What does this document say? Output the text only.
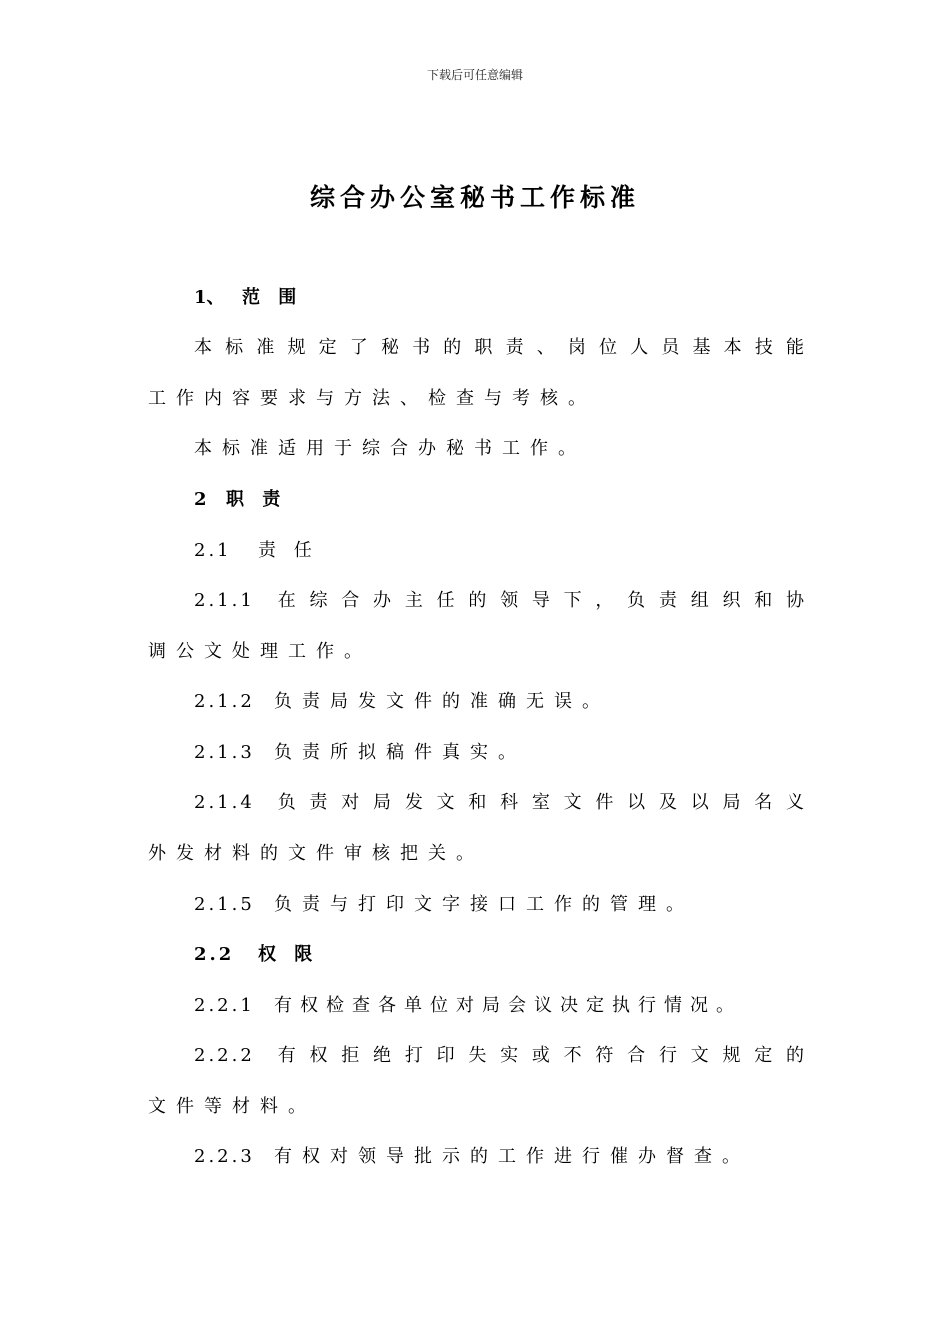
下载后可任意编辑
综合办公室秘书工作标准
1、 范 围
本标准规定了秘书的职责、岗位人员基本技能
工作内容要求与方法、检查与考核。
本标准适用于综合办秘书工作。
2 职 责
2.1 责 任
2.1.1 在综合办主任的领导下，负责组织和协
调公文处理工作。
2.1.2 负责局发文件的准确无误。
2.1.3 负责所拟稿件真实。
2.1.4 负责对局发文和科室文件以及以局名义
外发材料的文件审核把关。
2.1.5 负责与打印文字接口工作的管理。
2.2 权 限
2.2.1 有权检查各单位对局会议决定执行情况。
2.2.2 有权拒绝打印失实或不符合行文规定的
文件等材料。
2.2.3 有权对领导批示的工作进行催办督查。
